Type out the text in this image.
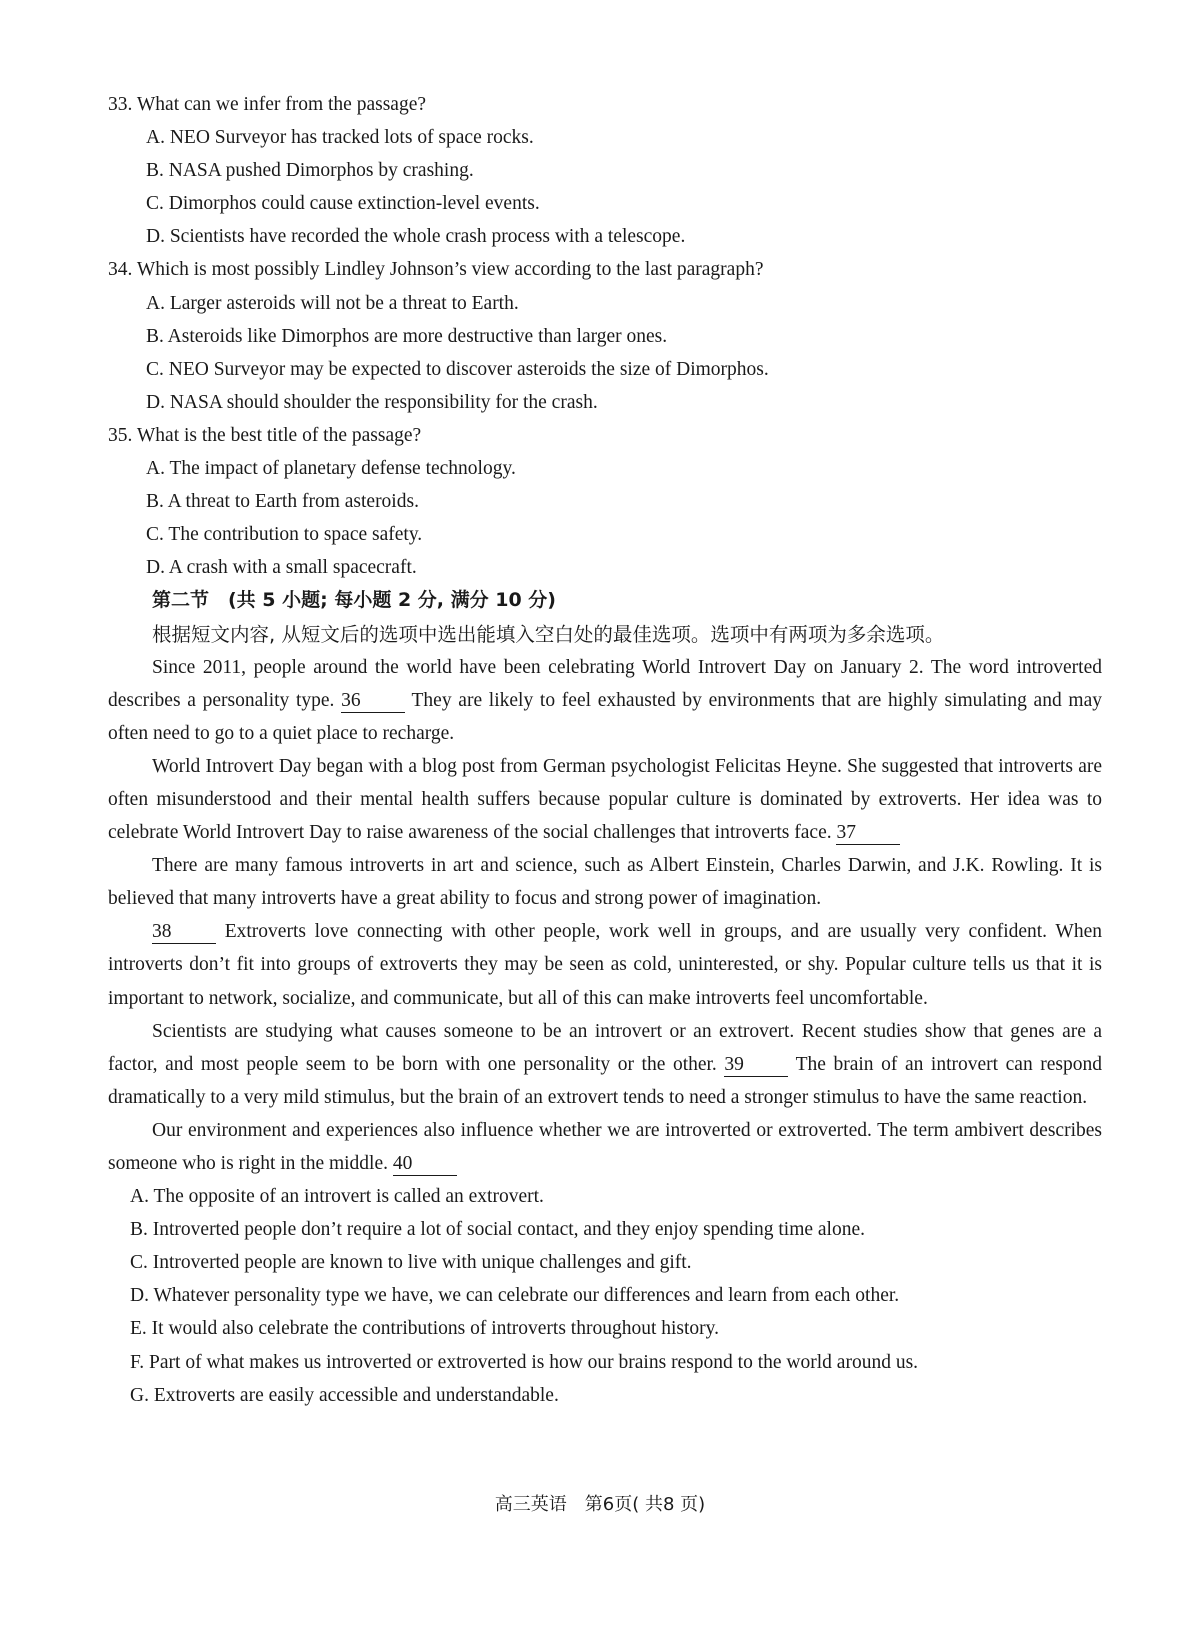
33. What can we infer from the passage?
A. NEO Surveyor has tracked lots of space rocks.
B. NASA pushed Dimorphos by crashing.
C. Dimorphos could cause extinction-level events.
D. Scientists have recorded the whole crash process with a telescope.
34. Which is most possibly Lindley Johnson’s view according to the last paragraph?
A. Larger asteroids will not be a threat to Earth.
B. Asteroids like Dimorphos are more destructive than larger ones.
C. NEO Surveyor may be expected to discover asteroids the size of Dimorphos.
D. NASA should shoulder the responsibility for the crash.
35. What is the best title of the passage?
A. The impact of planetary defense technology.
B. A threat to Earth from asteroids.
C. The contribution to space safety.
D. A crash with a small spacecraft.
第二节　(共 5 小题; 每小题 2 分, 满分 10 分)
根据短文内容, 从短文后的选项中选出能填入空白处的最佳选项。选项中有两项为多余选项。
Since 2011, people around the world have been celebrating World Introvert Day on January 2. The word introverted describes a personality type. 36 They are likely to feel exhausted by environments that are highly simulating and may often need to go to a quiet place to recharge.
World Introvert Day began with a blog post from German psychologist Felicitas Heyne. She suggested that introverts are often misunderstood and their mental health suffers because popular culture is dominated by extroverts. Her idea was to celebrate World Introvert Day to raise awareness of the social challenges that introverts face. 37
There are many famous introverts in art and science, such as Albert Einstein, Charles Darwin, and J.K. Rowling. It is believed that many introverts have a great ability to focus and strong power of imagination.
38 Extroverts love connecting with other people, work well in groups, and are usually very confident. When introverts don’t fit into groups of extroverts they may be seen as cold, uninterested, or shy. Popular culture tells us that it is important to network, socialize, and communicate, but all of this can make introverts feel uncomfortable.
Scientists are studying what causes someone to be an introvert or an extrovert. Recent studies show that genes are a factor, and most people seem to be born with one personality or the other. 39 The brain of an introvert can respond dramatically to a very mild stimulus, but the brain of an extrovert tends to need a stronger stimulus to have the same reaction.
Our environment and experiences also influence whether we are introverted or extroverted. The term ambivert describes someone who is right in the middle. 40
A. The opposite of an introvert is called an extrovert.
B. Introverted people don’t require a lot of social contact, and they enjoy spending time alone.
C. Introverted people are known to live with unique challenges and gift.
D. Whatever personality type we have, we can celebrate our differences and learn from each other.
E. It would also celebrate the contributions of introverts throughout history.
F. Part of what makes us introverted or extroverted is how our brains respond to the world around us.
G. Extroverts are easily accessible and understandable.
高三英语　第6页( 共8 页)
